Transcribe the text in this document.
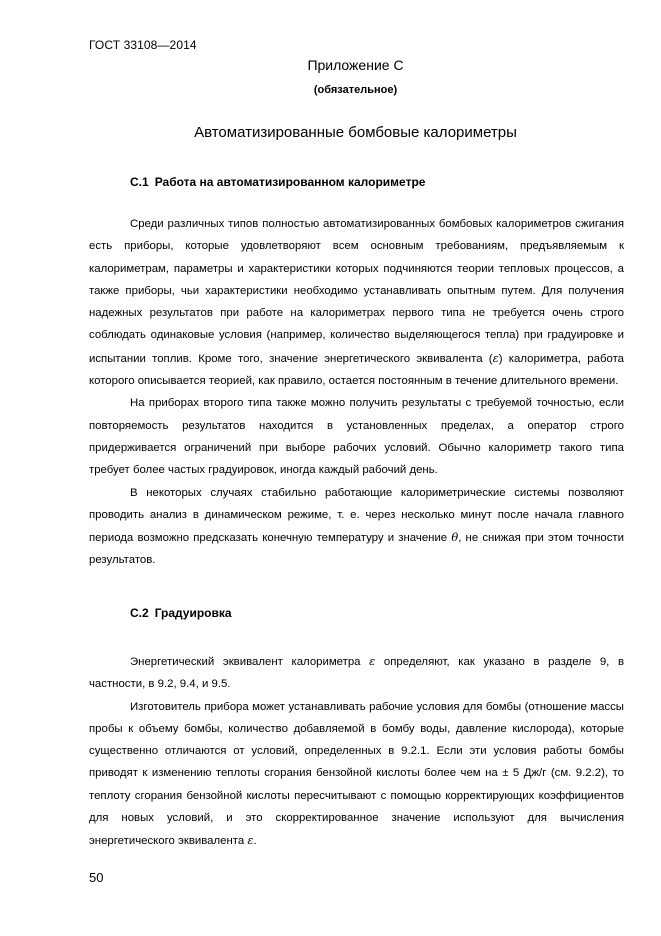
ГОСТ 33108—2014
Приложение С
(обязательное)
Автоматизированные бомбовые калориметры
С.1 Работа на автоматизированном калориметре

Среди различных типов полностью автоматизированных бомбовых калориметров сжигания есть приборы, которые удовлетворяют всем основным требованиям, предъявляемым к калориметрам, параметры и характеристики которых подчиняются теории тепловых процессов, а также приборы, чьи характеристики необходимо устанавливать опытным путем. Для получения надежных результатов при работе на калориметрах первого типа не требуется очень строго соблюдать одинаковые условия (например, количество выделяющегося тепла) при градуировке и испытании топлив. Кроме того, значение энергетического эквивалента (ε) калориметра, работа которого описывается теорией, как правило, остается постоянным в течение длительного времени.

На приборах второго типа также можно получить результаты с требуемой точностью, если повторяемость результатов находится в установленных пределах, а оператор строго придерживается ограничений при выборе рабочих условий. Обычно калориметр такого типа требует более частых градуировок, иногда каждый рабочий день.

В некоторых случаях стабильно работающие калориметрические системы позволяют проводить анализ в динамическом режиме, т. е. через несколько минут после начала главного периода возможно предсказать конечную температуру и значение θ, не снижая при этом точности результатов.

С.2 Градуировка

Энергетический эквивалент калориметра ε определяют, как указано в разделе 9, в частности, в 9.2, 9.4, и 9.5.

Изготовитель прибора может устанавливать рабочие условия для бомбы (отношение массы пробы к объему бомбы, количество добавляемой в бомбу воды, давление кислорода), которые существенно отличаются от условий, определенных в 9.2.1. Если эти условия работы бомбы приводят к изменению теплоты сгорания бензойной кислоты более чем на ± 5 Дж/г (см. 9.2.2), то теплоту сгорания бензойной кислоты пересчитывают с помощью корректирующих коэффициентов для новых условий, и это скорректированное значение используют для вычисления энергетического эквивалента ε.

50
